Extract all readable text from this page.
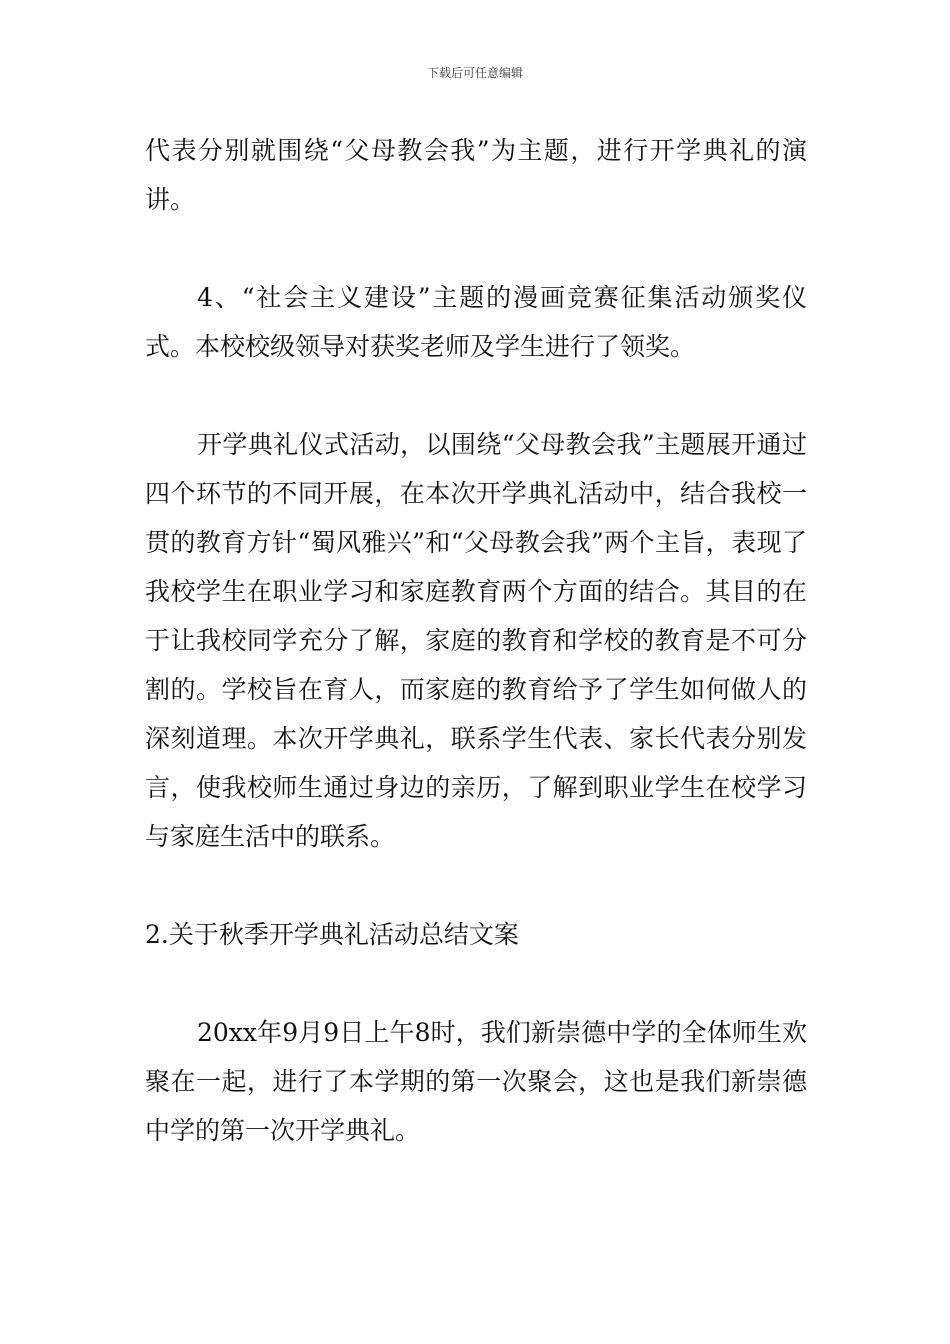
下载后可任意编辑

代表分别就围绕“父母教会我”为主题，进行开学典礼的演讲。

4、“社会主义建设”主题的漫画竞赛征集活动颁奖仪式。本校校级领导对获奖老师及学生进行了领奖。

开学典礼仪式活动，以围绕“父母教会我”主题展开通过四个环节的不同开展，在本次开学典礼活动中，结合我校一贯的教育方针“蜀风雅兴”和“父母教会我”两个主旨，表现了我校学生在职业学习和家庭教育两个方面的结合。其目的在于让我校同学充分了解，家庭的教育和学校的教育是不可分割的。学校旨在育人，而家庭的教育给予了学生如何做人的深刻道理。本次开学典礼，联系学生代表、家长代表分别发言，使我校师生通过身边的亲历，了解到职业学生在校学习与家庭生活中的联系。

2.关于秋季开学典礼活动总结文案

20xx年9月9日上午8时，我们新崇德中学的全体师生欢聚在一起，进行了本学期的第一次聚会，这也是我们新崇德中学的第一次开学典礼。
